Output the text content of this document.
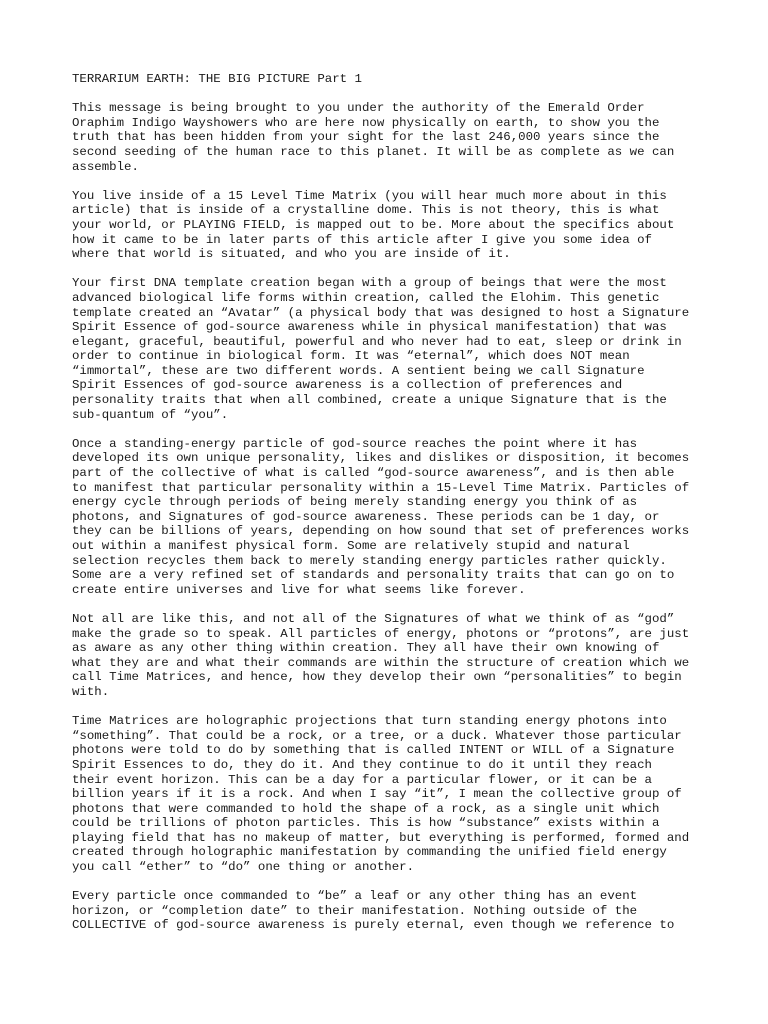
TERRARIUM EARTH: THE BIG PICTURE Part 1
This message is being brought to you under the authority of the Emerald Order
Oraphim Indigo Wayshowers who are here now physically on earth, to show you the
truth that has been hidden from your sight for the last 246,000 years since the
second seeding of the human race to this planet. It will be as complete as we can
assemble.
You live inside of a 15 Level Time Matrix (you will hear much more about in this
article) that is inside of a crystalline dome. This is not theory, this is what
your world, or PLAYING FIELD, is mapped out to be. More about the specifics about
how it came to be in later parts of this article after I give you some idea of
where that world is situated, and who you are inside of it.
Your first DNA template creation began with a group of beings that were the most
advanced biological life forms within creation, called the Elohim. This genetic
template created an “Avatar” (a physical body that was designed to host a Signature
Spirit Essence of god-source awareness while in physical manifestation) that was
elegant, graceful, beautiful, powerful and who never had to eat, sleep or drink in
order to continue in biological form. It was “eternal”, which does NOT mean
“immortal”, these are two different words. A sentient being we call Signature
Spirit Essences of god-source awareness is a collection of preferences and
personality traits that when all combined, create a unique Signature that is the
sub-quantum of “you”.
Once a standing-energy particle of god-source reaches the point where it has
developed its own unique personality, likes and dislikes or disposition, it becomes
part of the collective of what is called “god-source awareness”, and is then able
to manifest that particular personality within a 15-Level Time Matrix. Particles of
energy cycle through periods of being merely standing energy you think of as
photons, and Signatures of god-source awareness. These periods can be 1 day, or
they can be billions of years, depending on how sound that set of preferences works
out within a manifest physical form. Some are relatively stupid and natural
selection recycles them back to merely standing energy particles rather quickly.
Some are a very refined set of standards and personality traits that can go on to
create entire universes and live for what seems like forever.
Not all are like this, and not all of the Signatures of what we think of as “god”
make the grade so to speak. All particles of energy, photons or “protons”, are just
as aware as any other thing within creation. They all have their own knowing of
what they are and what their commands are within the structure of creation which we
call Time Matrices, and hence, how they develop their own “personalities” to begin
with.
Time Matrices are holographic projections that turn standing energy photons into
“something”. That could be a rock, or a tree, or a duck. Whatever those particular
photons were told to do by something that is called INTENT or WILL of a Signature
Spirit Essences to do, they do it. And they continue to do it until they reach
their event horizon. This can be a day for a particular flower, or it can be a
billion years if it is a rock. And when I say “it”, I mean the collective group of
photons that were commanded to hold the shape of a rock, as a single unit which
could be trillions of photon particles. This is how “substance” exists within a
playing field that has no makeup of matter, but everything is performed, formed and
created through holographic manifestation by commanding the unified field energy
you call “ether” to “do” one thing or another.
Every particle once commanded to “be” a leaf or any other thing has an event
horizon, or “completion date” to their manifestation. Nothing outside of the
COLLECTIVE of god-source awareness is purely eternal, even though we reference to
